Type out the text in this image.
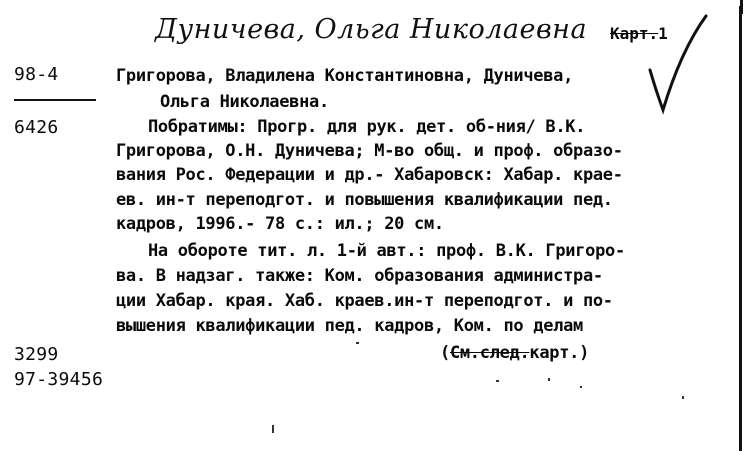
Дуничева, Ольга Николаевна Карт.1
98-4
6426
3299
97-39456
Григорова, Владилена Константиновна, Дуничева,
Ольга Николаевна.
Побратимы: Прогр. для рук. дет. об-ния/ В.К.
Григорова, О.Н. Дуничева; М-во общ. и проф. образо-
вания Рос. Федерации и др.- Хабаровск: Хабар. крае-
ев. ин-т переподгот. и повышения квалификации пед.
кадров, 1996.- 78 с.: ил.; 20 см.
На обороте тит. л. 1-й авт.: проф. В.К. Григоро-
ва. В надзаг. также: Ком. образования администра-
ции Хабар. края. Хаб. краев.ин-т переподгот. и по-
вышения квалификации пед. кадров, Ком. по делам
(См.след.карт.)
